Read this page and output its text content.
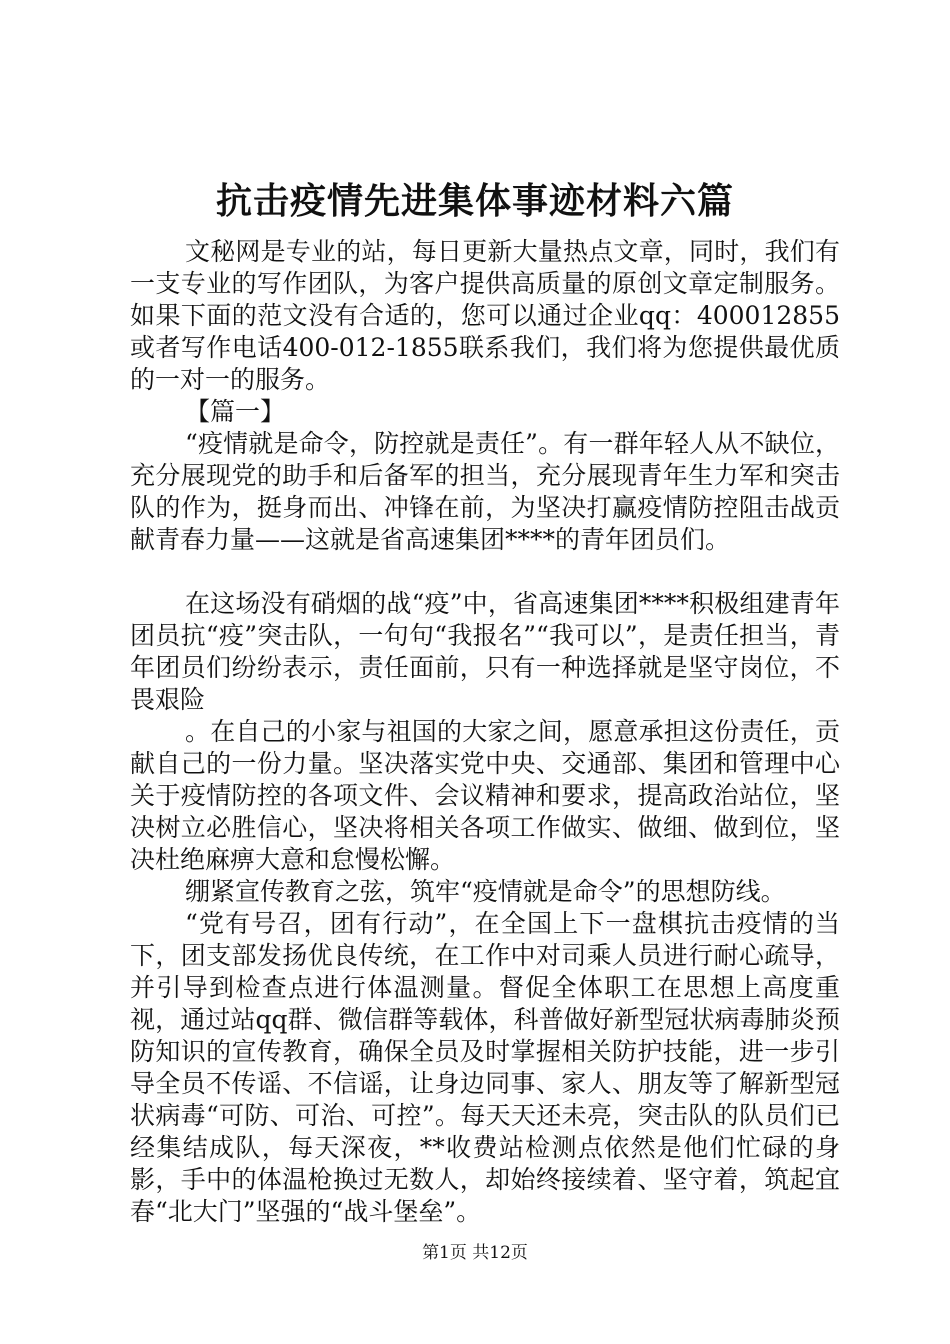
抗击疫情先进集体事迹材料六篇

文秘网是专业的站，每日更新大量热点文章，同时，我们有一支专业的写作团队，为客户提供高质量的原创文章定制服务。如果下面的范文没有合适的，您可以通过企业qq：400012855或者写作电话400-012-1855联系我们，我们将为您提供最优质的一对一的服务。

【篇一】

“疫情就是命令，防控就是责任”。有一群年轻人从不缺位，充分展现党的助手和后备军的担当，充分展现青年生力军和突击队的作为，挺身而出、冲锋在前，为坚决打赢疫情防控阻击战贡献青春力量——这就是省高速集团****的青年团员们。

在这场没有硝烟的战“疫”中，省高速集团****积极组建青年团员抗“疫”突击队，一句句“我报名”“我可以”，是责任担当，青年团员们纷纷表示，责任面前，只有一种选择就是坚守岗位，不畏艰险

。在自己的小家与祖国的大家之间，愿意承担这份责任，贡献自己的一份力量。坚决落实党中央、交通部、集团和管理中心关于疫情防控的各项文件、会议精神和要求，提高政治站位，坚决树立必胜信心，坚决将相关各项工作做实、做细、做到位，坚决杜绝麻痹大意和怠慢松懈。

绷紧宣传教育之弦，筑牢“疫情就是命令”的思想防线。

“党有号召，团有行动”，在全国上下一盘棋抗击疫情的当下，团支部发扬优良传统，在工作中对司乘人员进行耐心疏导，并引导到检查点进行体温测量。督促全体职工在思想上高度重视，通过站qq群、微信群等载体，科普做好新型冠状病毒肺炎预防知识的宣传教育，确保全员及时掌握相关防护技能，进一步引导全员不传谣、不信谣，让身边同事、家人、朋友等了解新型冠状病毒“可防、可治、可控”。每天天还未亮，突击队的队员们已经集结成队，每天深夜，**收费站检测点依然是他们忙碌的身影，手中的体温枪换过无数人，却始终接续着、坚守着，筑起宜春“北大门”坚强的“战斗堡垒”。

第1页 共12页
